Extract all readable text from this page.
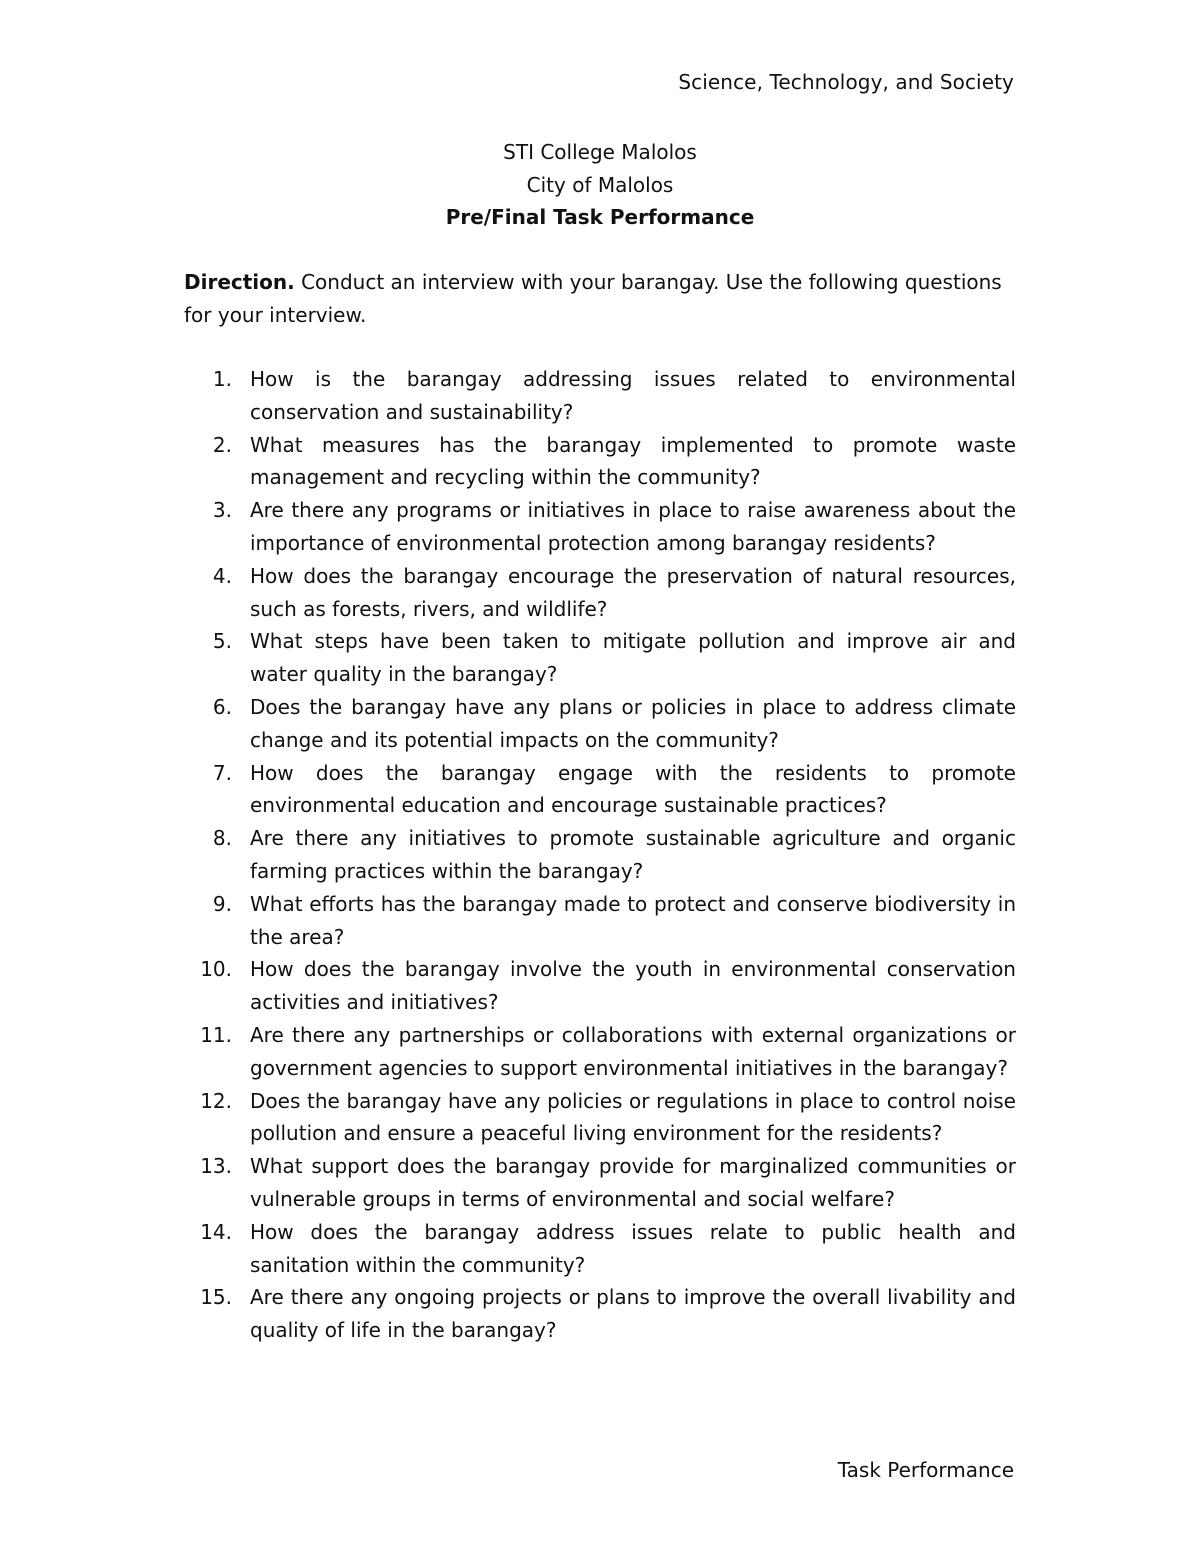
Science, Technology, and Society
STI College Malolos
City of Malolos
Pre/Final Task Performance
Direction. Conduct an interview with your barangay. Use the following questions for your interview.
1. How is the barangay addressing issues related to environmental conservation and sustainability?
2. What measures has the barangay implemented to promote waste management and recycling within the community?
3. Are there any programs or initiatives in place to raise awareness about the importance of environmental protection among barangay residents?
4. How does the barangay encourage the preservation of natural resources, such as forests, rivers, and wildlife?
5. What steps have been taken to mitigate pollution and improve air and water quality in the barangay?
6. Does the barangay have any plans or policies in place to address climate change and its potential impacts on the community?
7. How does the barangay engage with the residents to promote environmental education and encourage sustainable practices?
8. Are there any initiatives to promote sustainable agriculture and organic farming practices within the barangay?
9. What efforts has the barangay made to protect and conserve biodiversity in the area?
10. How does the barangay involve the youth in environmental conservation activities and initiatives?
11. Are there any partnerships or collaborations with external organizations or government agencies to support environmental initiatives in the barangay?
12. Does the barangay have any policies or regulations in place to control noise pollution and ensure a peaceful living environment for the residents?
13. What support does the barangay provide for marginalized communities or vulnerable groups in terms of environmental and social welfare?
14. How does the barangay address issues relate to public health and sanitation within the community?
15. Are there any ongoing projects or plans to improve the overall livability and quality of life in the barangay?
Task Performance
